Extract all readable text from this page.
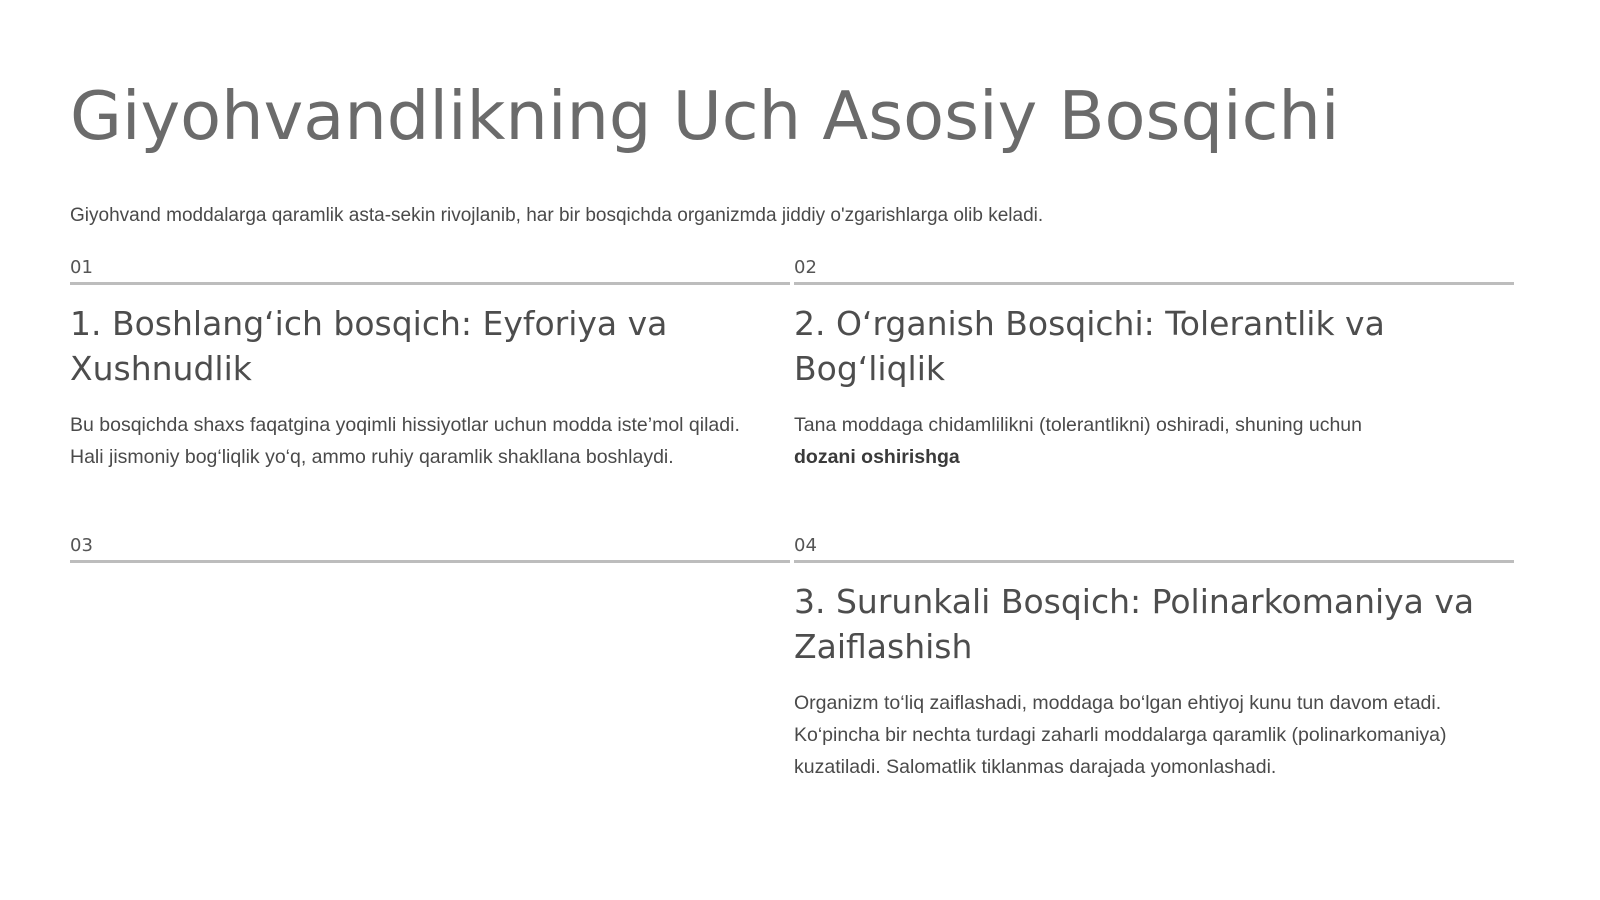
Giyohvandlikning Uch Asosiy Bosqichi

Giyohvand moddalarga qaramlik asta-sekin rivojlanib, har bir bosqichda organizmda jiddiy o'zgarishlarga olib keladi.

01
1. Boshlang‘ich bosqich: Eyforiya va Xushnudlik

Bu bosqichda shaxs faqatgina yoqimli hissiyotlar uchun modda iste’mol qiladi. Hali jismoniy bog‘liqlik yo‘q, ammo ruhiy qaramlik shakllana boshlaydi.

02
2. O‘rganish Bosqichi: Tolerantlik va Bog‘liqlik

Tana moddaga chidamlilikni (tolerantlikni) oshiradi, shuning uchun
dozani oshirishga

03	04
3. Surunkali Bosqich: Polinarkomaniya va Zaiflashish

Organizm to‘liq zaiflashadi, moddaga bo‘lgan ehtiyoj kunu tun davom etadi. Ko‘pincha bir nechta turdagi zaharli moddalarga qaramlik (polinarkomaniya) kuzatiladi. Salomatlik tiklanmas darajada yomonlashadi.
